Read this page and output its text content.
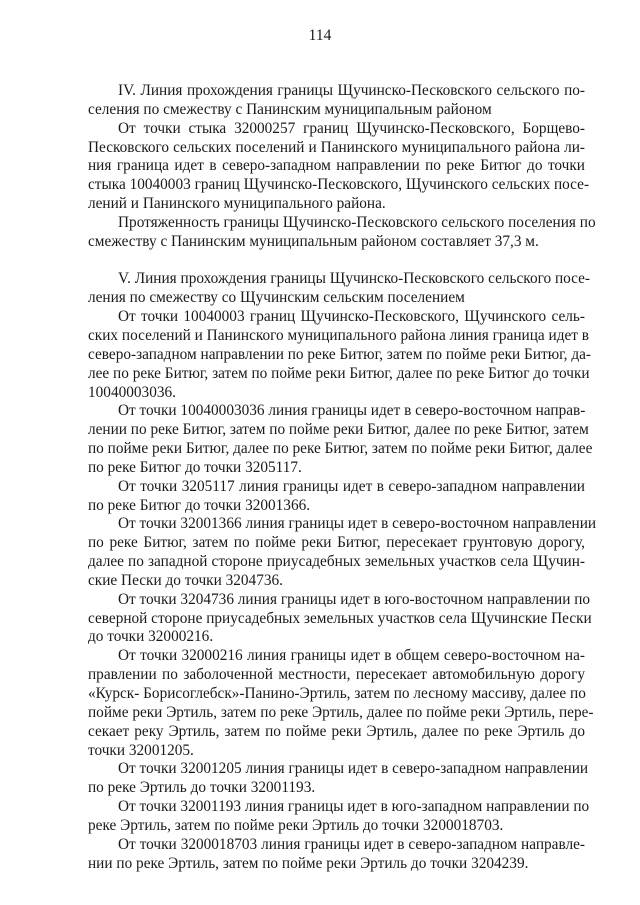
114
IV. Линия прохождения границы Щучинско-Песковского сельского по-
селения по смежеству с Панинским муниципальным районом
От точки стыка 32000257 границ Щучинско-Песковского, Борщево-
Песковского сельских поселений и Панинского муниципального района ли-
ния граница идет в северо-западном направлении по реке Битюг до точки
стыка 10040003 границ Щучинско-Песковского, Щучинского сельских посе-
лений и Панинского муниципального района.
Протяженность границы Щучинско-Песковского сельского поселения по
смежеству с Панинским муниципальным районом составляет 37,3 м.
V. Линия прохождения границы Щучинско-Песковского сельского посе-
ления по смежеству со Щучинским сельским поселением
От точки 10040003 границ Щучинско-Песковского, Щучинского сель-
ских поселений и Панинского муниципального района линия граница идет в
северо-западном направлении по реке Битюг, затем по пойме реки Битюг, да-
лее по реке Битюг, затем по пойме реки Битюг, далее по реке Битюг до точки
10040003036.
От точки 10040003036 линия границы идет в северо-восточном направ-
лении по реке Битюг, затем по пойме реки Битюг, далее по реке Битюг, затем
по пойме реки Битюг, далее по реке Битюг, затем по пойме реки Битюг, далее
по реке Битюг до точки 3205117.
От точки 3205117 линия границы идет в северо-западном направлении
по реке Битюг до точки 32001366.
От точки 32001366 линия границы идет в северо-восточном направлении
по реке Битюг, затем по пойме реки Битюг, пересекает грунтовую дорогу,
далее по западной стороне приусадебных земельных участков села Щучин-
ские Пески до точки 3204736.
От точки 3204736 линия границы идет в юго-восточном направлении по
северной стороне приусадебных земельных участков села Щучинские Пески
до точки 32000216.
От точки 32000216 линия границы идет в общем северо-восточном на-
правлении по заболоченной местности, пересекает автомобильную дорогу
«Курск- Борисоглебск»-Панино-Эртиль, затем по лесному массиву, далее по
пойме реки Эртиль, затем по реке Эртиль, далее по пойме реки Эртиль, пере-
секает реку Эртиль, затем по пойме реки Эртиль, далее по реке Эртиль до
точки 32001205.
От точки 32001205 линия границы идет в северо-западном направлении
по реке Эртиль до точки 32001193.
От точки 32001193 линия границы идет в юго-западном направлении по
реке Эртиль, затем по пойме реки Эртиль до точки 3200018703.
От точки 3200018703 линия границы идет в северо-западном направле-
нии по реке Эртиль, затем по пойме реки Эртиль до точки 3204239.
